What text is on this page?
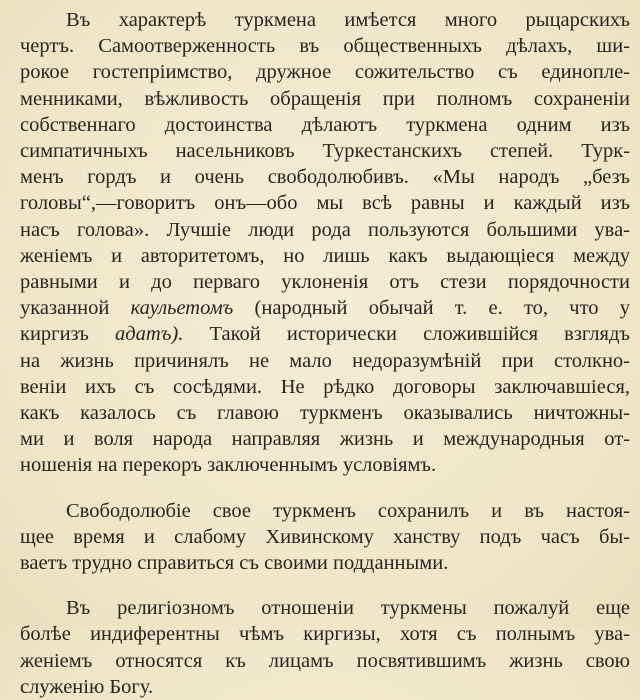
Въ характерѣ туркмена имѣется много рыцарскихъ
чертъ. Самоотверженность въ общественныхъ дѣлахъ, ши-
рокое гостепріимство, дружное сожительство съ единопле-
менниками, вѣжливость обращенія при полномъ сохраненіи
собственнаго достоинства дѣлаютъ туркмена одним изъ
симпатичныхъ насельниковъ Туркестанскихъ степей. Турк-
менъ гордъ и очень свободолюбивъ. «Мы народъ „безъ
головы“,—говоритъ онъ—обо мы всѣ равны и каждый изъ
насъ голова». Лучшіе люди рода пользуются большими ува-
женіемъ и авторитетомъ, но лишь какъ выдающіеся между
равными и до перваго уклоненія отъ стези порядочности
указанной каульетомъ (народный обычай т. е. то, что у
киргизъ адатъ). Такой исторически сложившійся взглядъ
на жизнь причинялъ не мало недоразумѣній при столкно-
веніи ихъ съ сосѣдями. Не рѣдко договоры заключавшіеся,
какъ казалось съ главою туркменъ оказывались ничтожны-
ми и воля народа направляя жизнь и международныя от-
ношенія на перекоръ заключеннымъ условіямъ.

Свободолюбіе свое туркменъ сохранилъ и въ настоя-
щее время и слабому Хивинскому ханству подъ часъ бы-
ваетъ трудно справиться съ своими подданными.

Въ религіозномъ отношеніи туркмены пожалуй еще
болѣе индиферентны чѣмъ киргизы, хотя съ полнымъ ува-
женіемъ относятся къ лицамъ посвятившимъ жизнь свою
служенію Богу.
